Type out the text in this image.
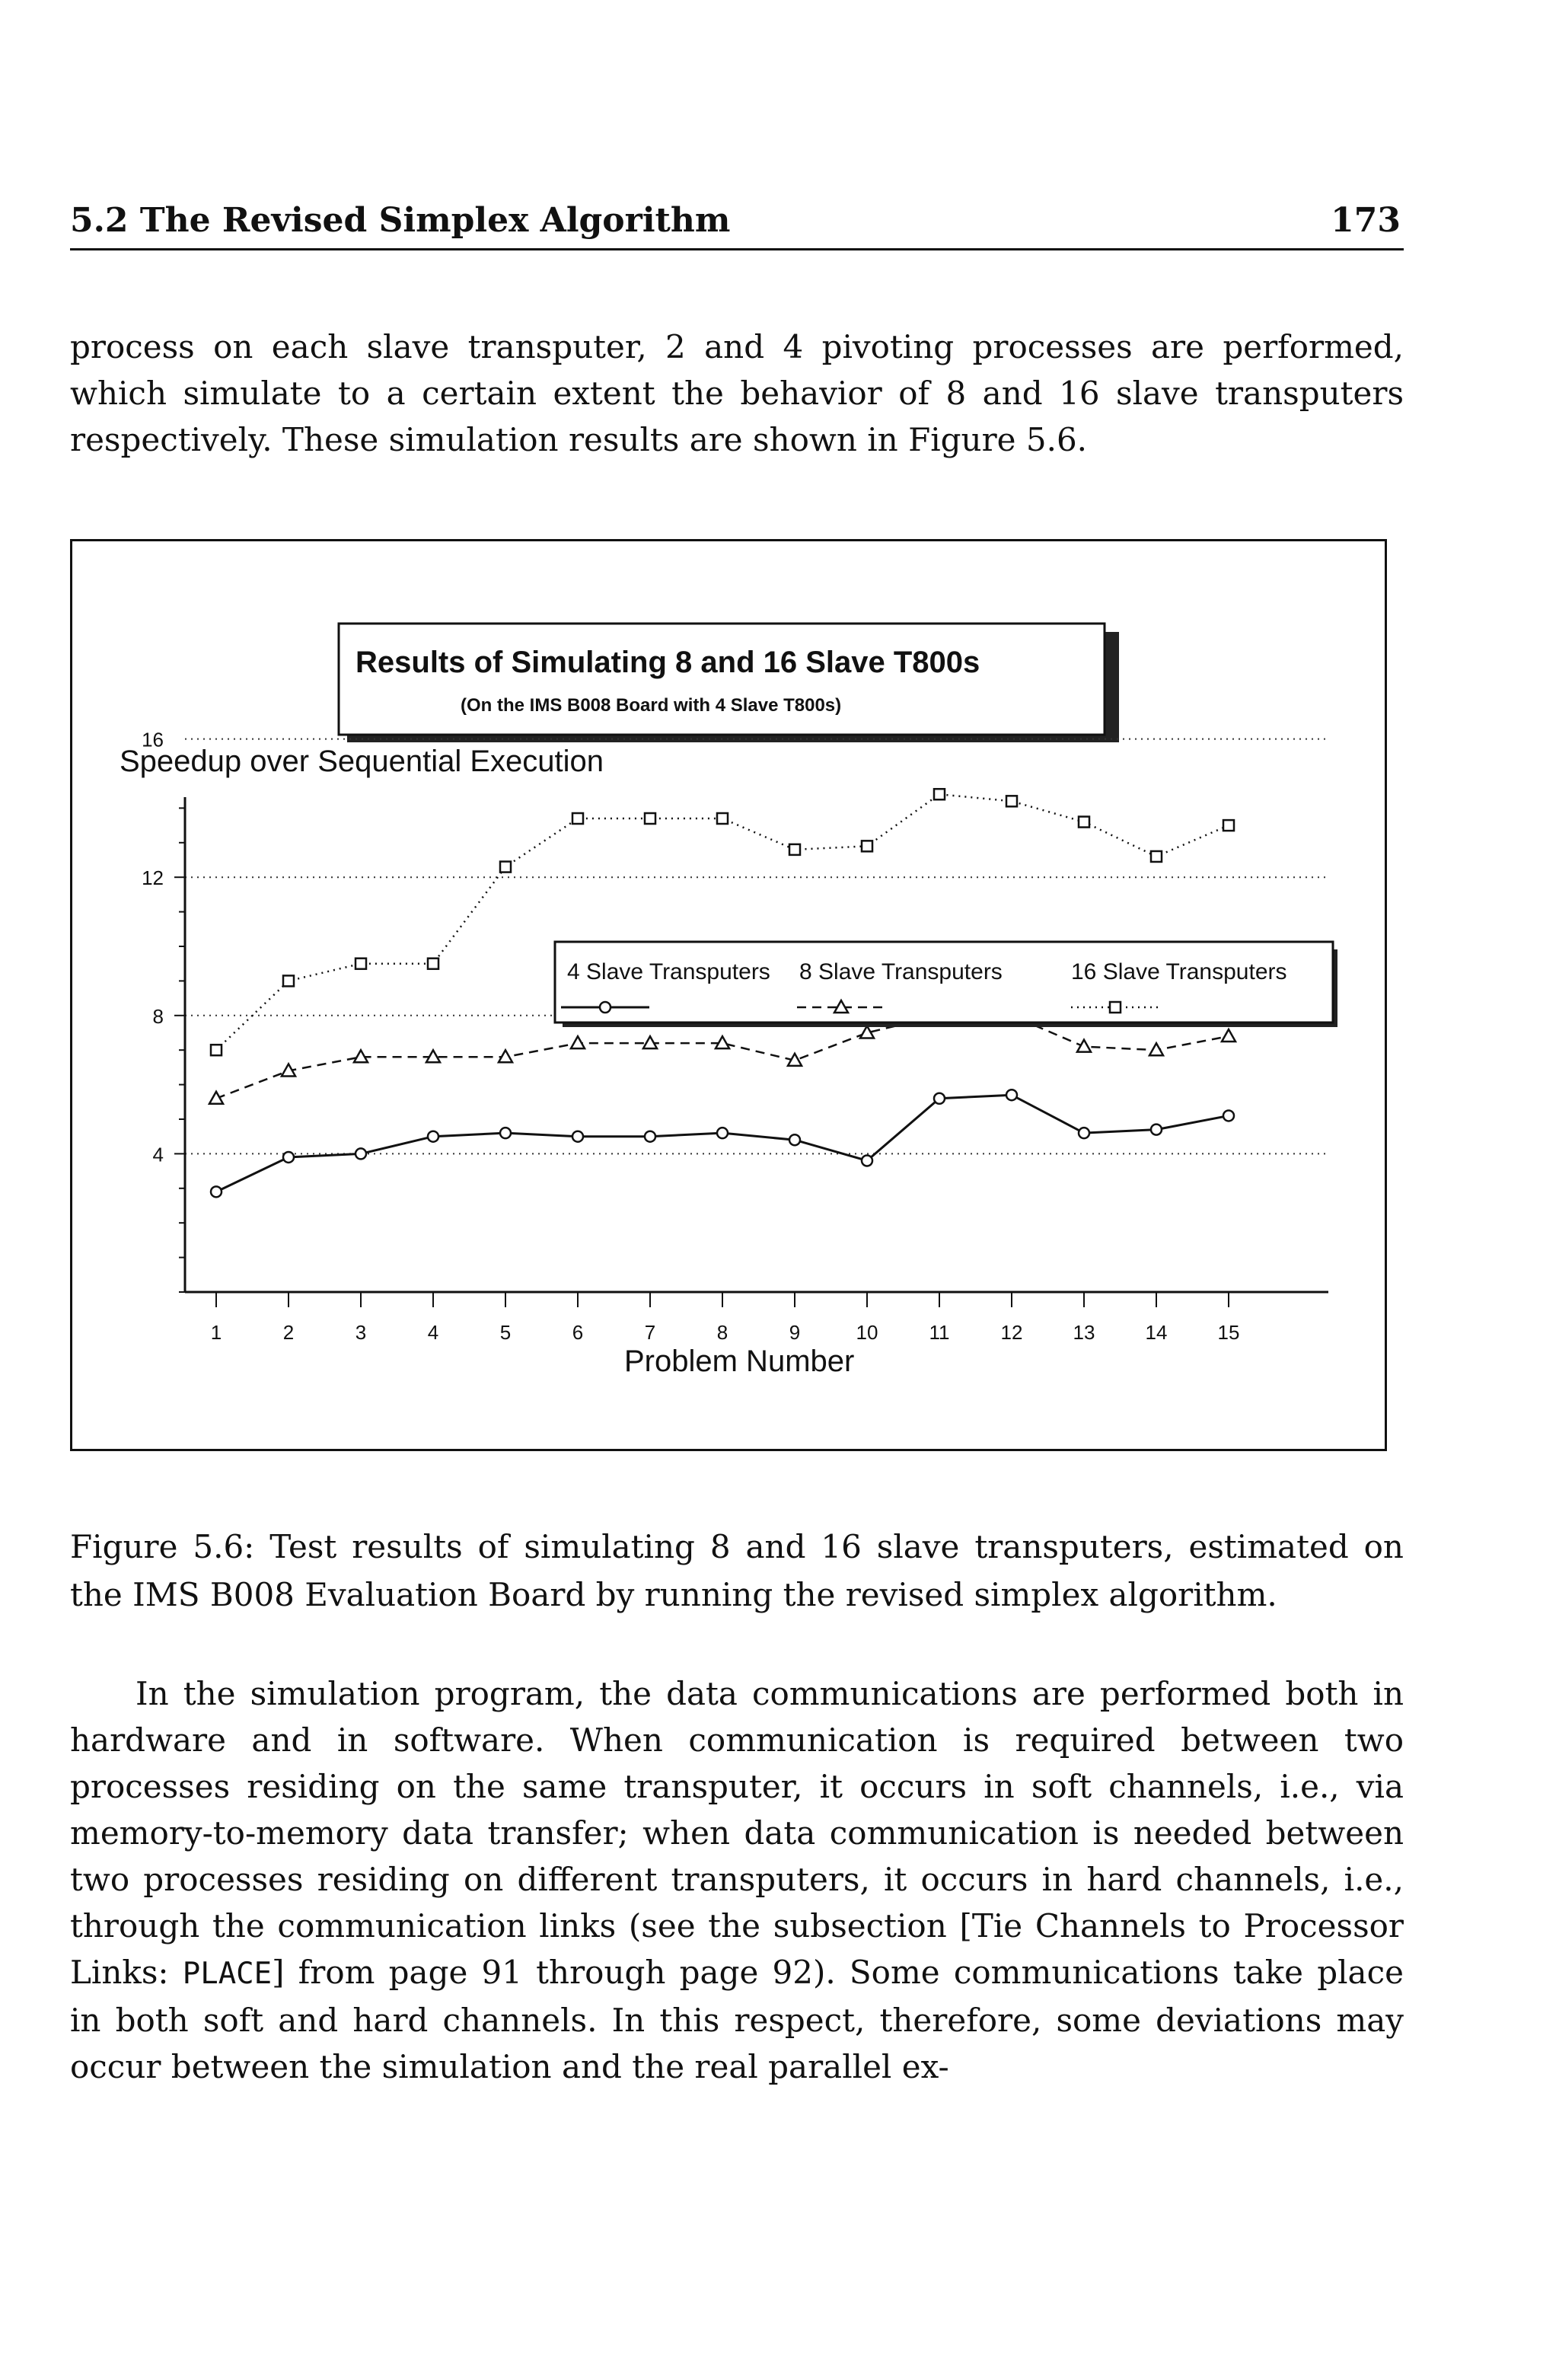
5.2 The Revised Simplex Algorithm	173
process on each slave transputer, 2 and 4 pivoting processes are performed, which simulate to a certain extent the behavior of 8 and 16 slave transputers respectively. These simulation results are shown in Figure 5.6.
Results of Simulating 8 and 16 Slave T800s
(On the IMS B008 Board with 4 Slave T800s)
Speedup over Sequential Execution
4
8
12
16
1	2	3	4	5	6	7	8	9	10	11	12	13	14	15
4 Slave Transputers 8 Slave Transputers	16 Slave Transputers
Problem Number
Figure 5.6: Test results of simulating 8 and 16 slave transputers, estimated on the IMS B008 Evaluation Board by running the revised simplex algorithm.
In the simulation program, the data communications are performed both in hardware and in software. When communication is required between two processes residing on the same transputer, it occurs in soft channels, i.e., via memory-to-memory data transfer; when data communication is needed between two processes residing on different transputers, it occurs in hard channels, i.e., through the communication links (see the subsection [Tie Channels to Processor Links: PLACE] from page 91 through page 92). Some communications take place in both soft and hard channels. In this respect, therefore, some deviations may occur between the simulation and the real parallel ex-
